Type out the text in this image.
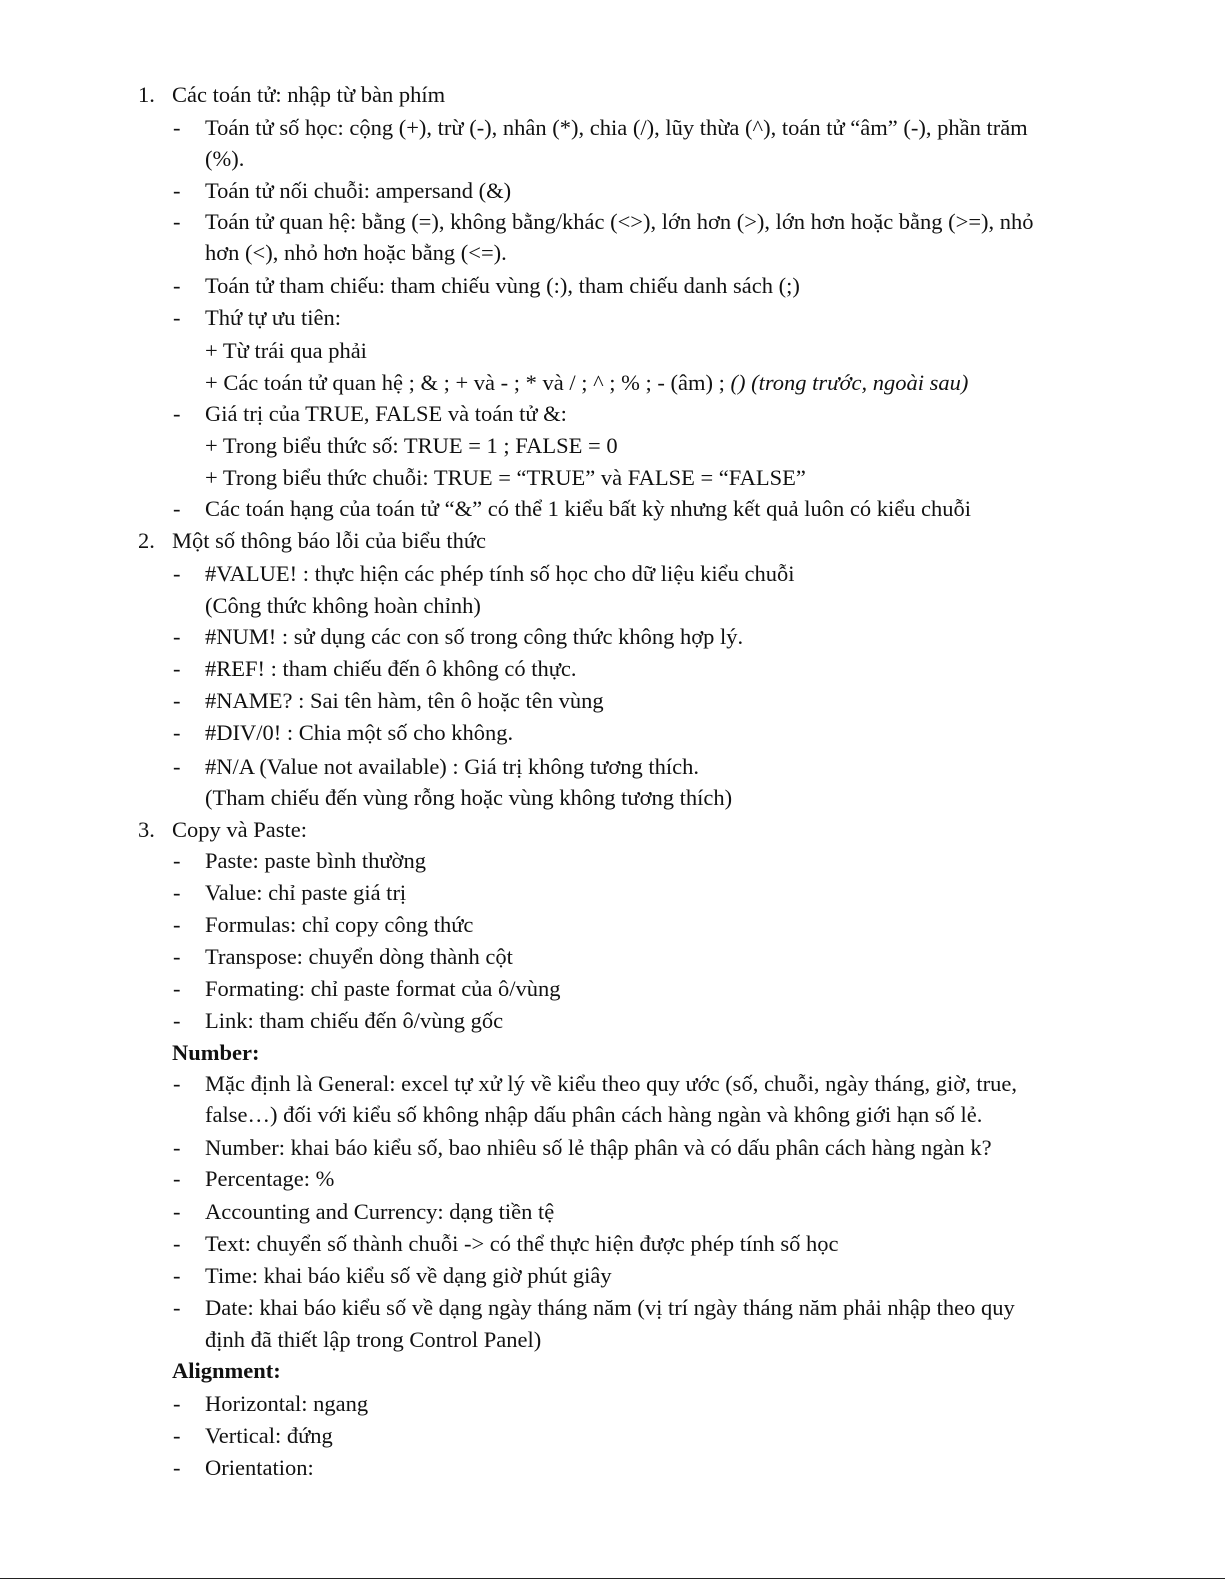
1. Các toán tử: nhập từ bàn phím
- Toán tử số học: cộng (+), trừ (-), nhân (*), chia (/), lũy thừa (^), toán tử “âm” (-), phần trăm
(%).
- Toán tử nối chuỗi: ampersand (&)
- Toán tử quan hệ: bằng (=), không bằng/khác (<>), lớn hơn (>), lớn hơn hoặc bằng (>=), nhỏ
hơn (<), nhỏ hơn hoặc bằng (<=).
- Toán tử tham chiếu: tham chiếu vùng (:), tham chiếu danh sách (;)
- Thứ tự ưu tiên:
+ Từ trái qua phải
+ Các toán tử quan hệ ; & ; + và - ; * và / ; ^ ; % ; - (âm) ; () (trong trước, ngoài sau)
- Giá trị của TRUE, FALSE và toán tử &:
+ Trong biểu thức số: TRUE = 1 ; FALSE = 0
+ Trong biểu thức chuỗi: TRUE = “TRUE” và FALSE = “FALSE”
- Các toán hạng của toán tử “&” có thể 1 kiểu bất kỳ nhưng kết quả luôn có kiểu chuỗi
2. Một số thông báo lỗi của biểu thức
- #VALUE! : thực hiện các phép tính số học cho dữ liệu kiểu chuỗi
(Công thức không hoàn chỉnh)
- #NUM! : sử dụng các con số trong công thức không hợp lý.
- #REF! : tham chiếu đến ô không có thực.
- #NAME? : Sai tên hàm, tên ô hoặc tên vùng
- #DIV/0! : Chia một số cho không.
- #N/A (Value not available) : Giá trị không tương thích.
(Tham chiếu đến vùng rỗng hoặc vùng không tương thích)
3. Copy và Paste:
- Paste: paste bình thường
- Value: chỉ paste giá trị
- Formulas: chỉ copy công thức
- Transpose: chuyển dòng thành cột
- Formating: chỉ paste format của ô/vùng
- Link: tham chiếu đến ô/vùng gốc
Number:
- Mặc định là General: excel tự xử lý về kiểu theo quy ước (số, chuỗi, ngày tháng, giờ, true,
false…) đối với kiểu số không nhập dấu phân cách hàng ngàn và không giới hạn số lẻ.
- Number: khai báo kiểu số, bao nhiêu số lẻ thập phân và có dấu phân cách hàng ngàn k?
- Percentage: %
- Accounting and Currency: dạng tiền tệ
- Text: chuyển số thành chuỗi -> có thể thực hiện được phép tính số học
- Time: khai báo kiểu số về dạng giờ phút giây
- Date: khai báo kiểu số về dạng ngày tháng năm (vị trí ngày tháng năm phải nhập theo quy
định đã thiết lập trong Control Panel)
Alignment:
- Horizontal: ngang
- Vertical: đứng
- Orientation:
